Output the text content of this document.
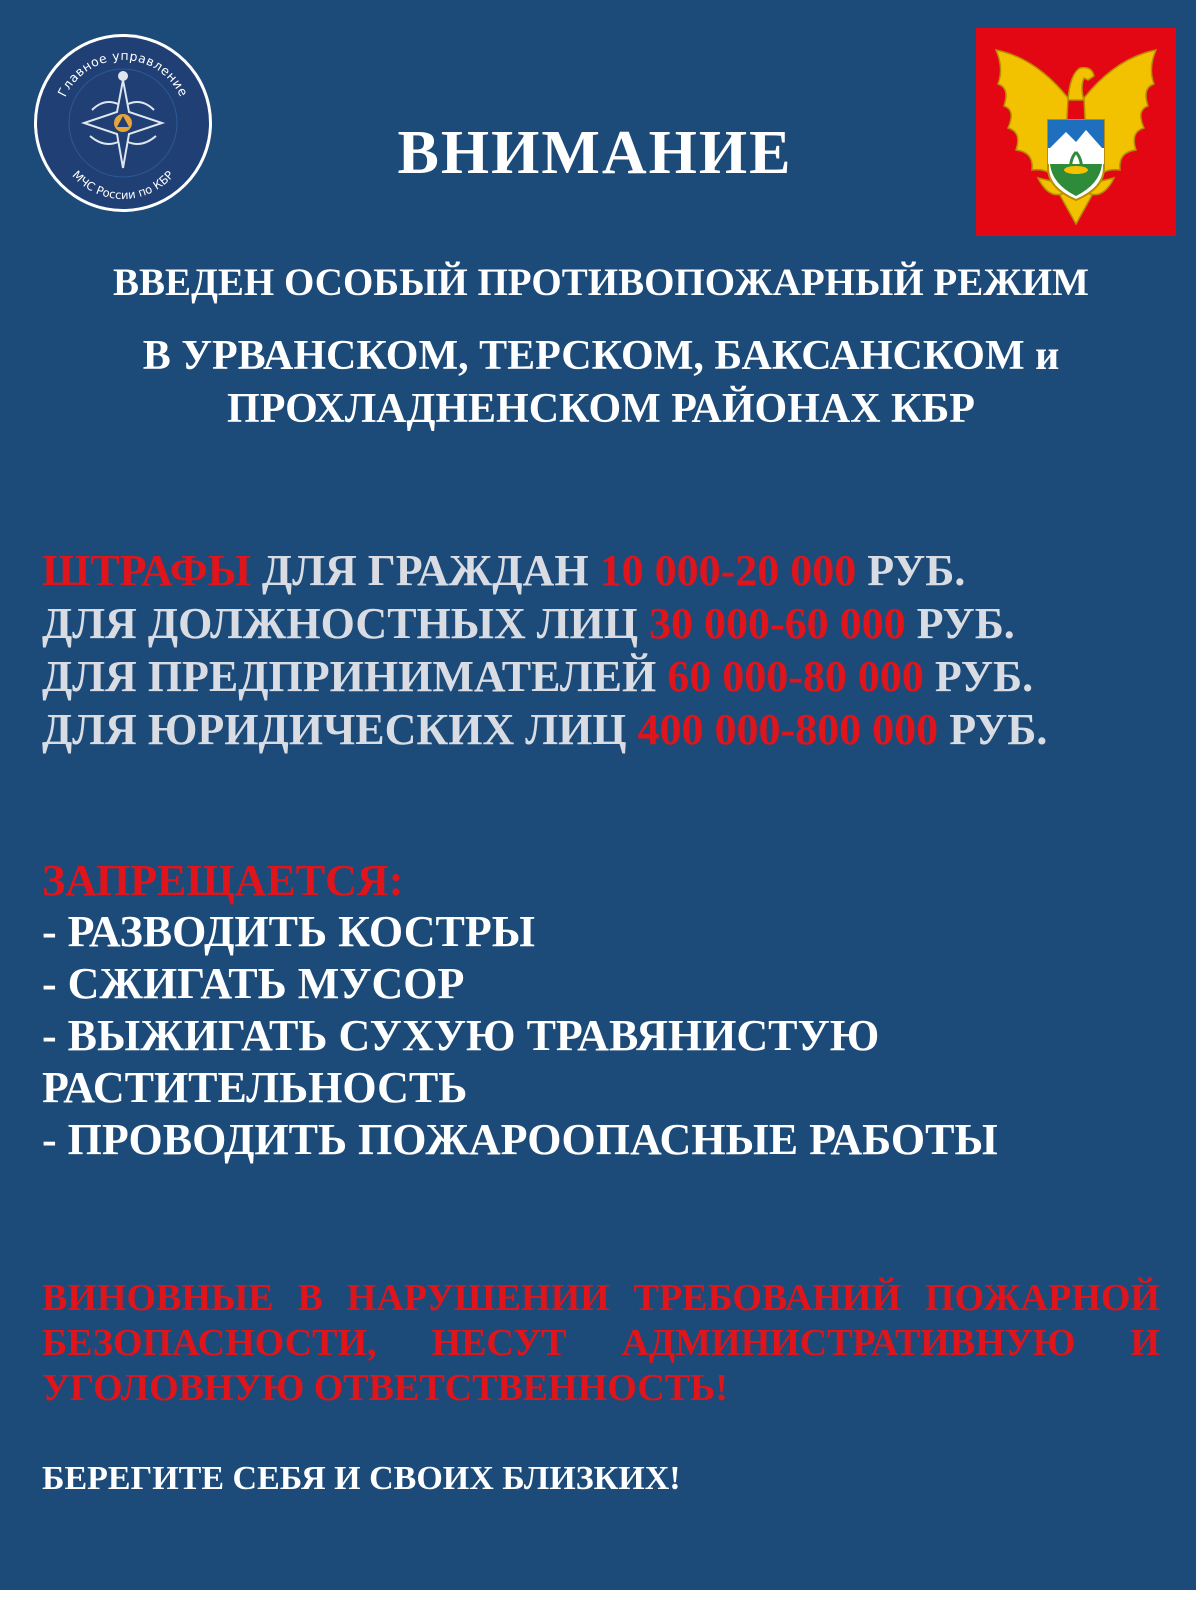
Главное управление
МЧС России по КБР	ВНИМАНИЕ

ВВЕДЕН ОСОБЫЙ ПРОТИВОПОЖАРНЫЙ РЕЖИМ

В УРВАНСКОМ, ТЕРСКОМ, БАКСАНСКОМ и

ПРОХЛАДНЕНСКОМ РАЙОНАХ КБР

ШТРАФЫ ДЛЯ ГРАЖДАН 10 000-20 000 РУБ.
ДЛЯ ДОЛЖНОСТНЫХ ЛИЦ 30 000-60 000 РУБ.
ДЛЯ ПРЕДПРИНИМАТЕЛЕЙ 60 000-80 000 РУБ.
ДЛЯ ЮРИДИЧЕСКИХ ЛИЦ 400 000-800 000 РУБ.

ЗАПРЕЩАЕТСЯ:

- РАЗВОДИТЬ КОСТРЫ
- СЖИГАТЬ МУСОР
- ВЫЖИГАТЬ СУХУЮ ТРАВЯНИСТУЮ
РАСТИТЕЛЬНОСТЬ
- ПРОВОДИТЬ ПОЖАРООПАСНЫЕ РАБОТЫ

ВИНОВНЫЕ В НАРУШЕНИИ ТРЕБОВАНИЙ ПОЖАРНОЙ БЕЗОПАСНОСТИ, НЕСУТ АДМИНИСТРАТИВНУЮ И УГОЛОВНУЮ ОТВЕТСТВЕННОСТЬ!

БЕРЕГИТЕ СЕБЯ И СВОИХ БЛИЗКИХ!
